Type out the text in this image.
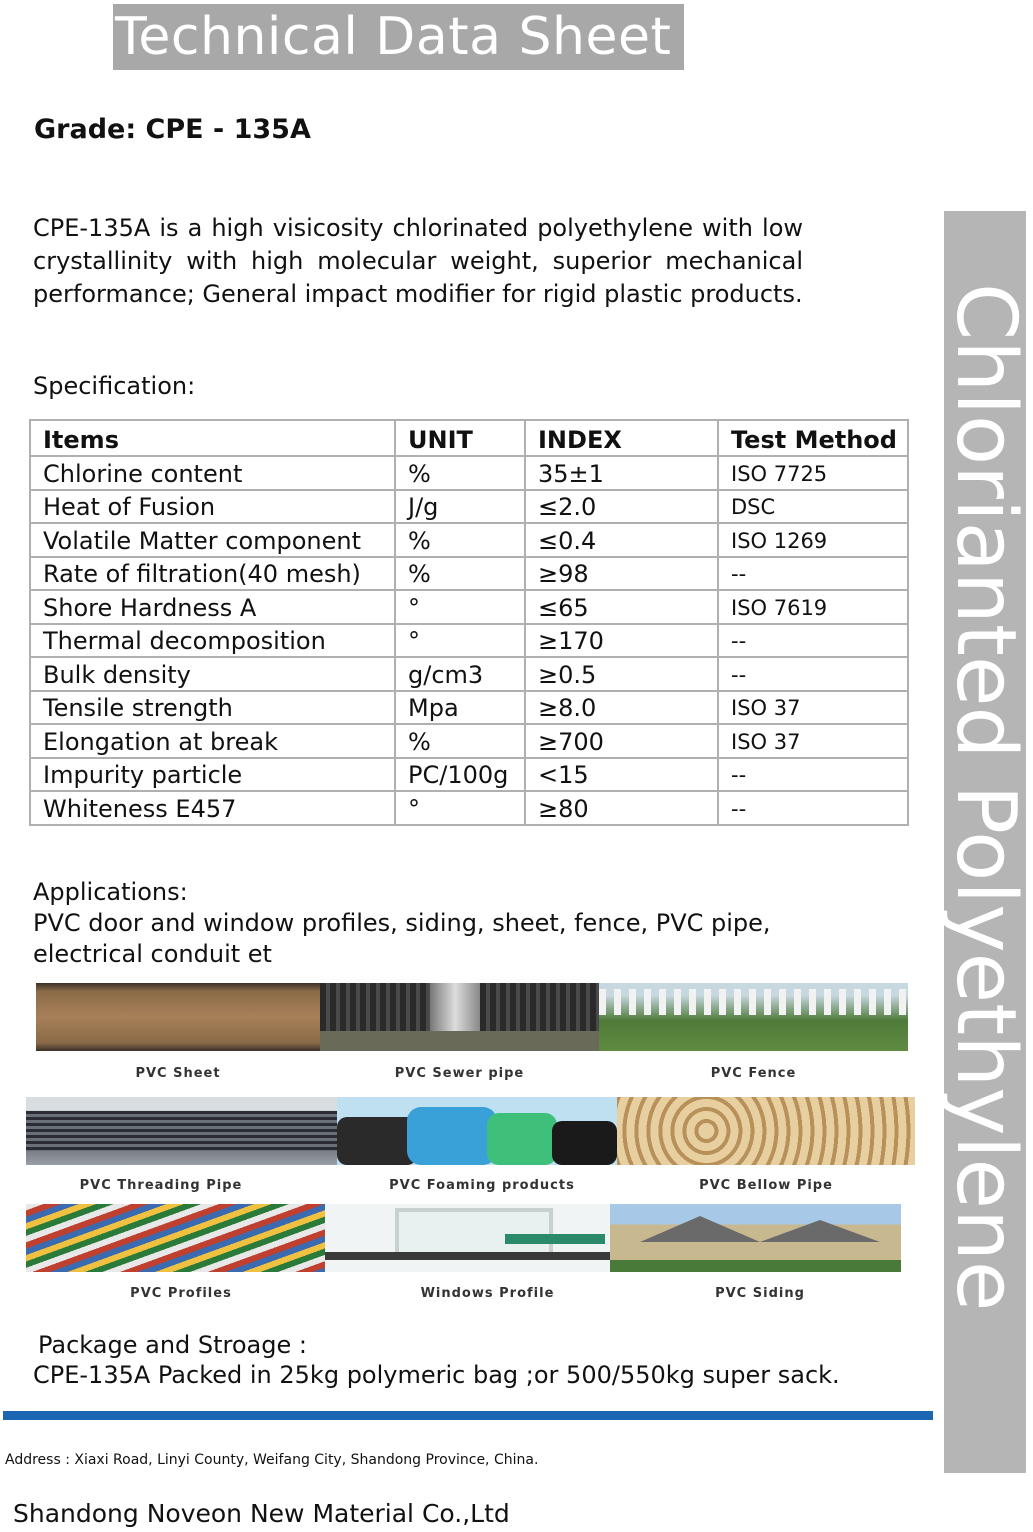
Technical Data Sheet
Grade: CPE - 135A
CPE-135A is a high visicosity chlorinated polyethylene with low crystallinity with high molecular weight, superior mechanical performance; General impact modifier for rigid plastic products.
Specification:
Items	UNIT	INDEX	Test Method
Chlorine content	%	35±1	ISO 7725
Heat of Fusion	J/g	≤2.0	DSC
Volatile Matter component	%	≤0.4	ISO 1269
Rate of filtration(40 mesh)	%	≥98	--
Shore Hardness A	°	≤65	ISO 7619
Thermal decomposition	°	≥170	--
Bulk density	g/cm3	≥0.5	--
Tensile strength	Mpa	≥8.0	ISO 37
Elongation at break	%	≥700	ISO 37
Impurity particle	PC/100g	<15	--
Whiteness E457	°	≥80	--
Applications:
PVC door and window profiles, siding, sheet, fence, PVC pipe, electrical conduit et
PVC Sheet	PVC Sewer pipe	PVC Fence
PVC Threading Pipe	PVC Foaming products	PVC Bellow Pipe
PVC Profiles	Windows Profile	PVC Siding
Package and Stroage :
CPE-135A Packed in 25kg polymeric bag ;or 500/550kg super sack.
Address : Xiaxi Road, Linyi County, Weifang City, Shandong Province, China.
Shandong Noveon New Material Co.,Ltd
Chlorianted Polyethylene
